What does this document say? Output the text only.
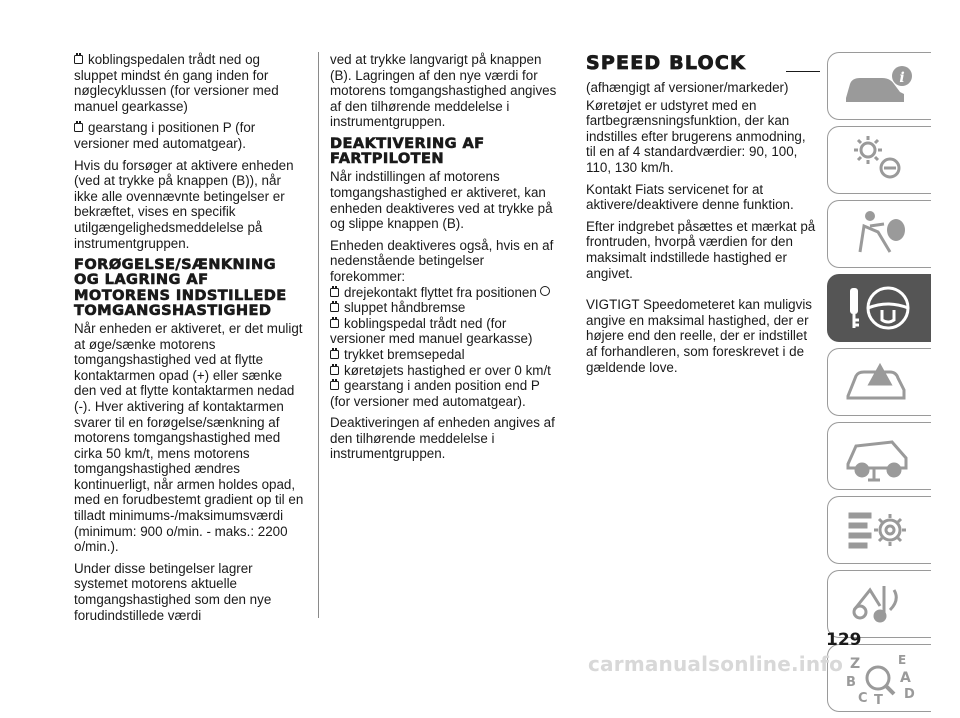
koblingspedalen trådt ned og sluppet mindst én gang inden for nøglecyklussen (for versioner med manuel gearkasse)

gearstang i positionen P (for versioner med automatgear).

Hvis du forsøger at aktivere enheden (ved at trykke på knappen (B)), når ikke alle ovennævnte betingelser er bekræftet, vises en specifik utilgængelighedsmeddelelse på instrumentgruppen.

FORØGELSE/SÆNKNING OG LAGRING AF MOTORENS INDSTILLEDE TOMGANGSHASTIGHED

Når enheden er aktiveret, er det muligt at øge/sænke motorens tomgangshastighed ved at flytte kontaktarmen opad (+) eller sænke den ved at flytte kontaktarmen nedad (-). Hver aktivering af kontaktarmen svarer til en forøgelse/sænkning af motorens tomgangshastighed med cirka 50 km/t, mens motorens tomgangshastighed ændres kontinuerligt, når armen holdes opad, med en forudbestemt gradient op til en tilladt minimums-/maksimumsværdi (minimum: 900 o/min. - maks.: 2200 o/min.).

Under disse betingelser lagrer systemet motorens aktuelle tomgangshastighed som den nye forudindstillede værdi

ved at trykke langvarigt på knappen (B). Lagringen af den nye værdi for motorens tomgangshastighed angives af den tilhørende meddelelse i instrumentgruppen.

DEAKTIVERING AF FARTPILOTEN

Når indstillingen af motorens tomgangshastighed er aktiveret, kan enheden deaktiveres ved at trykke på og slippe knappen (B).

Enheden deaktiveres også, hvis en af nedenstående betingelser forekommer:

drejekontakt flyttet fra positionen
sluppet håndbremse
koblingspedal trådt ned (for versioner med manuel gearkasse)
trykket bremsepedal
køretøjets hastighed er over 0 km/t
gearstang i anden position end P (for versioner med automatgear).

Deaktiveringen af enheden angives af den tilhørende meddelelse i instrumentgruppen.

SPEED BLOCK

(afhængigt af versioner/markeder)

Køretøjet er udstyret med en fartbegrænsningsfunktion, der kan indstilles efter brugerens anmodning, til en af 4 standardværdier: 90, 100, 110, 130 km/h.

Kontakt Fiats servicenet for at aktivere/deaktivere denne funktion.

Efter indgrebet påsættes et mærkat på frontruden, hvorpå værdien for den maksimalt indstillede hastighed er angivet.

VIGTIGT Speedometeret kan muligvis angive en maksimal hastighed, der er højere end den reelle, der er indstillet af forhandleren, som foreskrevet i de gældende love.

i
Z	E
A
B
D
C T
129
carmanualsonline.info
